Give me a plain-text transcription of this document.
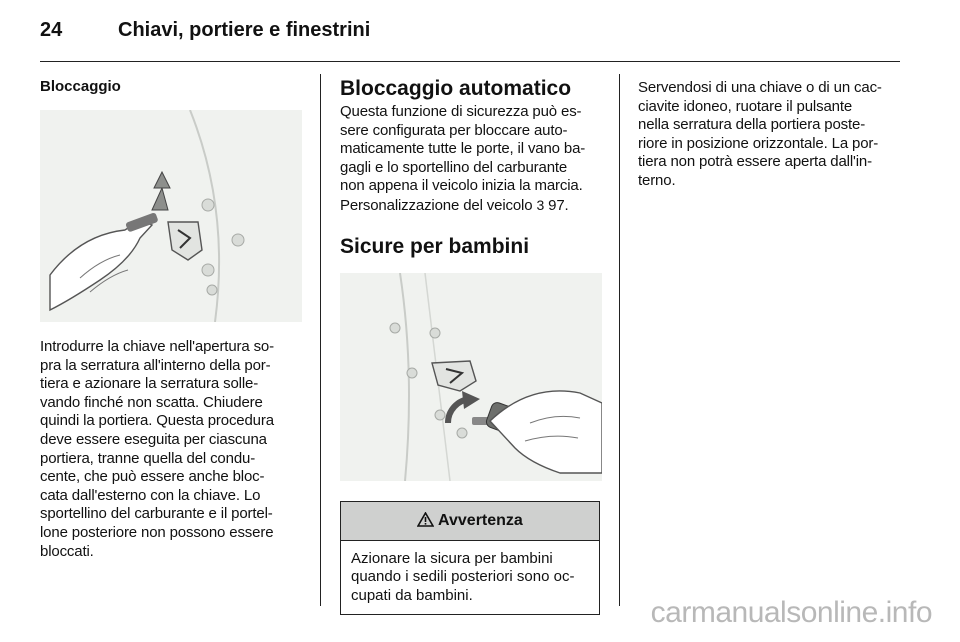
24	Chiavi, portiere e finestrini
Bloccaggio

Introdurre la chiave nell'apertura so-
pra la serratura all'interno della por-
tiera e azionare la serratura solle-
vando finché non scatta. Chiudere
quindi la portiera. Questa procedura
deve essere eseguita per ciascuna
portiera, tranne quella del condu-
cente, che può essere anche bloc-
cata dall'esterno con la chiave. Lo
sportellino del carburante e il portel-
lone posteriore non possono essere
bloccati.

Bloccaggio automatico

Questa funzione di sicurezza può es-
sere configurata per bloccare auto-
maticamente tutte le porte, il vano ba-
gagli e lo sportellino del carburante
non appena il veicolo inizia la marcia.
Personalizzazione del veicolo 3 97.

Sicure per bambini
Avvertenza
Azionare la sicura per bambini
quando i sedili posteriori sono oc-
cupati da bambini.

Servendosi di una chiave o di un cac-
ciavite idoneo, ruotare il pulsante
nella serratura della portiera poste-
riore in posizione orizzontale. La por-
tiera non potrà essere aperta dall'in-
terno.

carmanualsonline.info
